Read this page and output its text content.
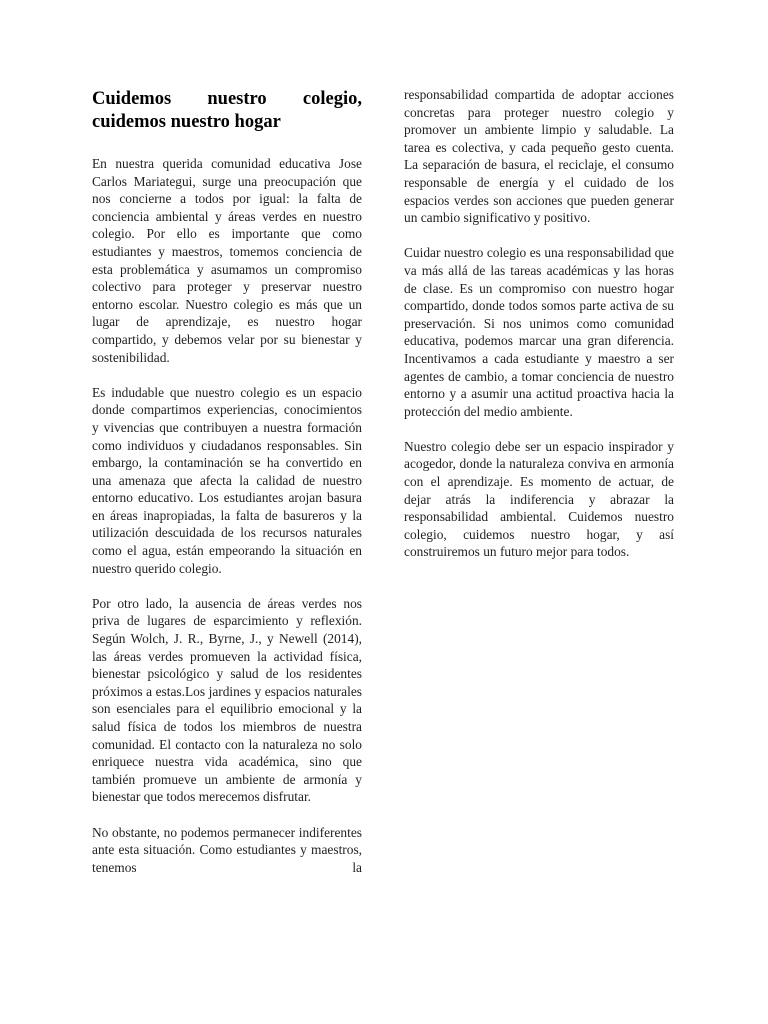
Cuidemos nuestro colegio, cuidemos nuestro hogar

En nuestra querida comunidad educativa Jose Carlos Mariategui, surge una preocupación que nos concierne a todos por igual: la falta de conciencia ambiental y áreas verdes en nuestro colegio. Por ello es importante que como estudiantes y maestros, tomemos conciencia de esta problemática y asumamos un compromiso colectivo para proteger y preservar nuestro entorno escolar. Nuestro colegio es más que un lugar de aprendizaje, es nuestro hogar compartido, y debemos velar por su bienestar y sostenibilidad.

Es indudable que nuestro colegio es un espacio donde compartimos experiencias, conocimientos y vivencias que contribuyen a nuestra formación como individuos y ciudadanos responsables. Sin embargo, la contaminación se ha convertido en una amenaza que afecta la calidad de nuestro entorno educativo. Los estudiantes arojan basura en áreas inapropiadas, la falta de basureros y la utilización descuidada de los recursos naturales como el agua, están empeorando la situación en nuestro querido colegio.

Por otro lado, la ausencia de áreas verdes nos priva de lugares de esparcimiento y reflexión. Según Wolch, J. R., Byrne, J., y Newell (2014), las áreas verdes promueven la actividad física, bienestar psicológico y salud de los residentes próximos a estas.Los jardines y espacios naturales son esenciales para el equilibrio emocional y la salud física de todos los miembros de nuestra comunidad. El contacto con la naturaleza no solo enriquece nuestra vida académica, sino que también promueve un ambiente de armonía y bienestar que todos merecemos disfrutar.

No obstante, no podemos permanecer indiferentes ante esta situación. Como estudiantes y maestros, tenemos la

responsabilidad compartida de adoptar acciones concretas para proteger nuestro colegio y promover un ambiente limpio y saludable. La tarea es colectiva, y cada pequeño gesto cuenta. La separación de basura, el reciclaje, el consumo responsable de energía y el cuidado de los espacios verdes son acciones que pueden generar un cambio significativo y positivo.

Cuidar nuestro colegio es una responsabilidad que va más allá de las tareas académicas y las horas de clase. Es un compromiso con nuestro hogar compartido, donde todos somos parte activa de su preservación. Si nos unimos como comunidad educativa, podemos marcar una gran diferencia. Incentivamos a cada estudiante y maestro a ser agentes de cambio, a tomar conciencia de nuestro entorno y a asumir una actitud proactiva hacia la protección del medio ambiente.

Nuestro colegio debe ser un espacio inspirador y acogedor, donde la naturaleza conviva en armonía con el aprendizaje. Es momento de actuar, de dejar atrás la indiferencia y abrazar la responsabilidad ambiental. Cuidemos nuestro colegio, cuidemos nuestro hogar, y así construiremos un futuro mejor para todos.
